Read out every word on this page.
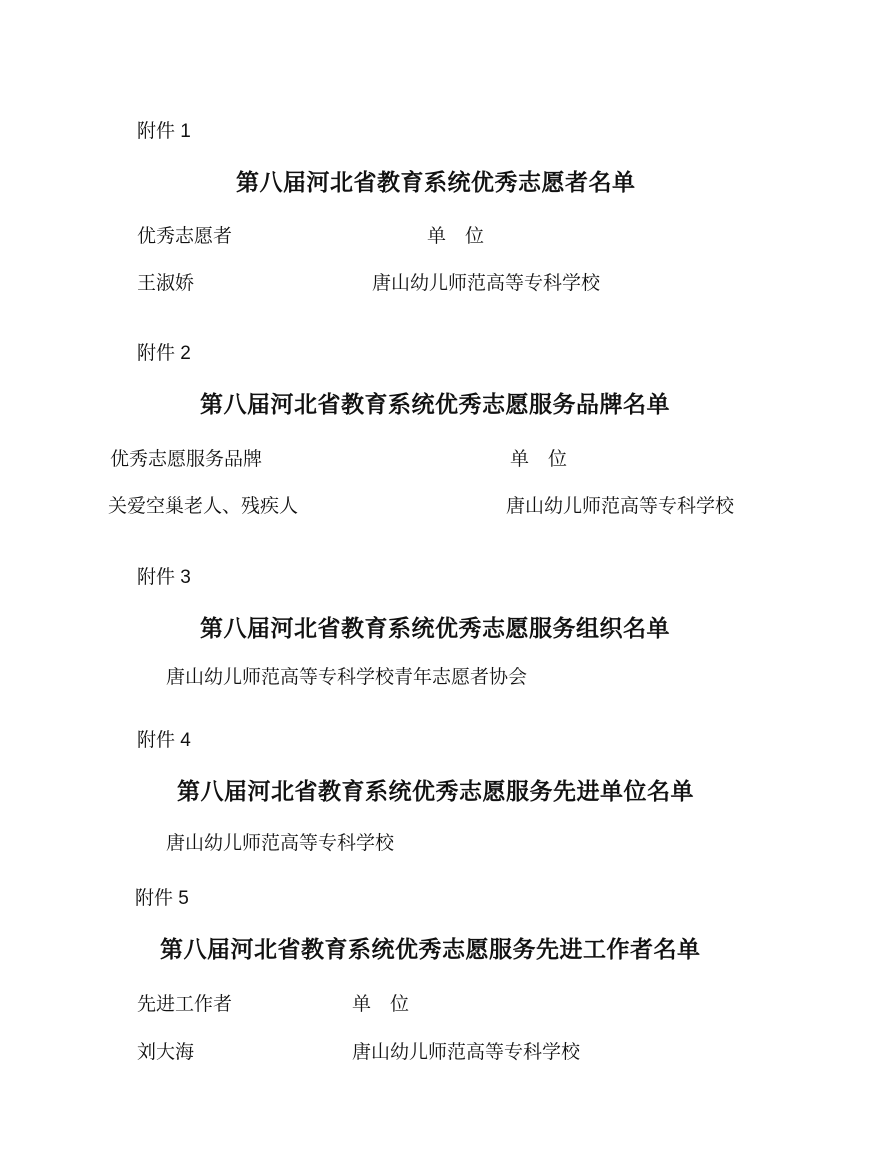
附件 1
第八届河北省教育系统优秀志愿者名单
优秀志愿者	单　位
王淑娇	唐山幼儿师范高等专科学校
附件 2
第八届河北省教育系统优秀志愿服务品牌名单
优秀志愿服务品牌	单　位
关爱空巢老人、残疾人	唐山幼儿师范高等专科学校
附件 3
第八届河北省教育系统优秀志愿服务组织名单
唐山幼儿师范高等专科学校青年志愿者协会
附件 4
第八届河北省教育系统优秀志愿服务先进单位名单
唐山幼儿师范高等专科学校
附件 5
第八届河北省教育系统优秀志愿服务先进工作者名单
先进工作者	单　位
刘大海	唐山幼儿师范高等专科学校
